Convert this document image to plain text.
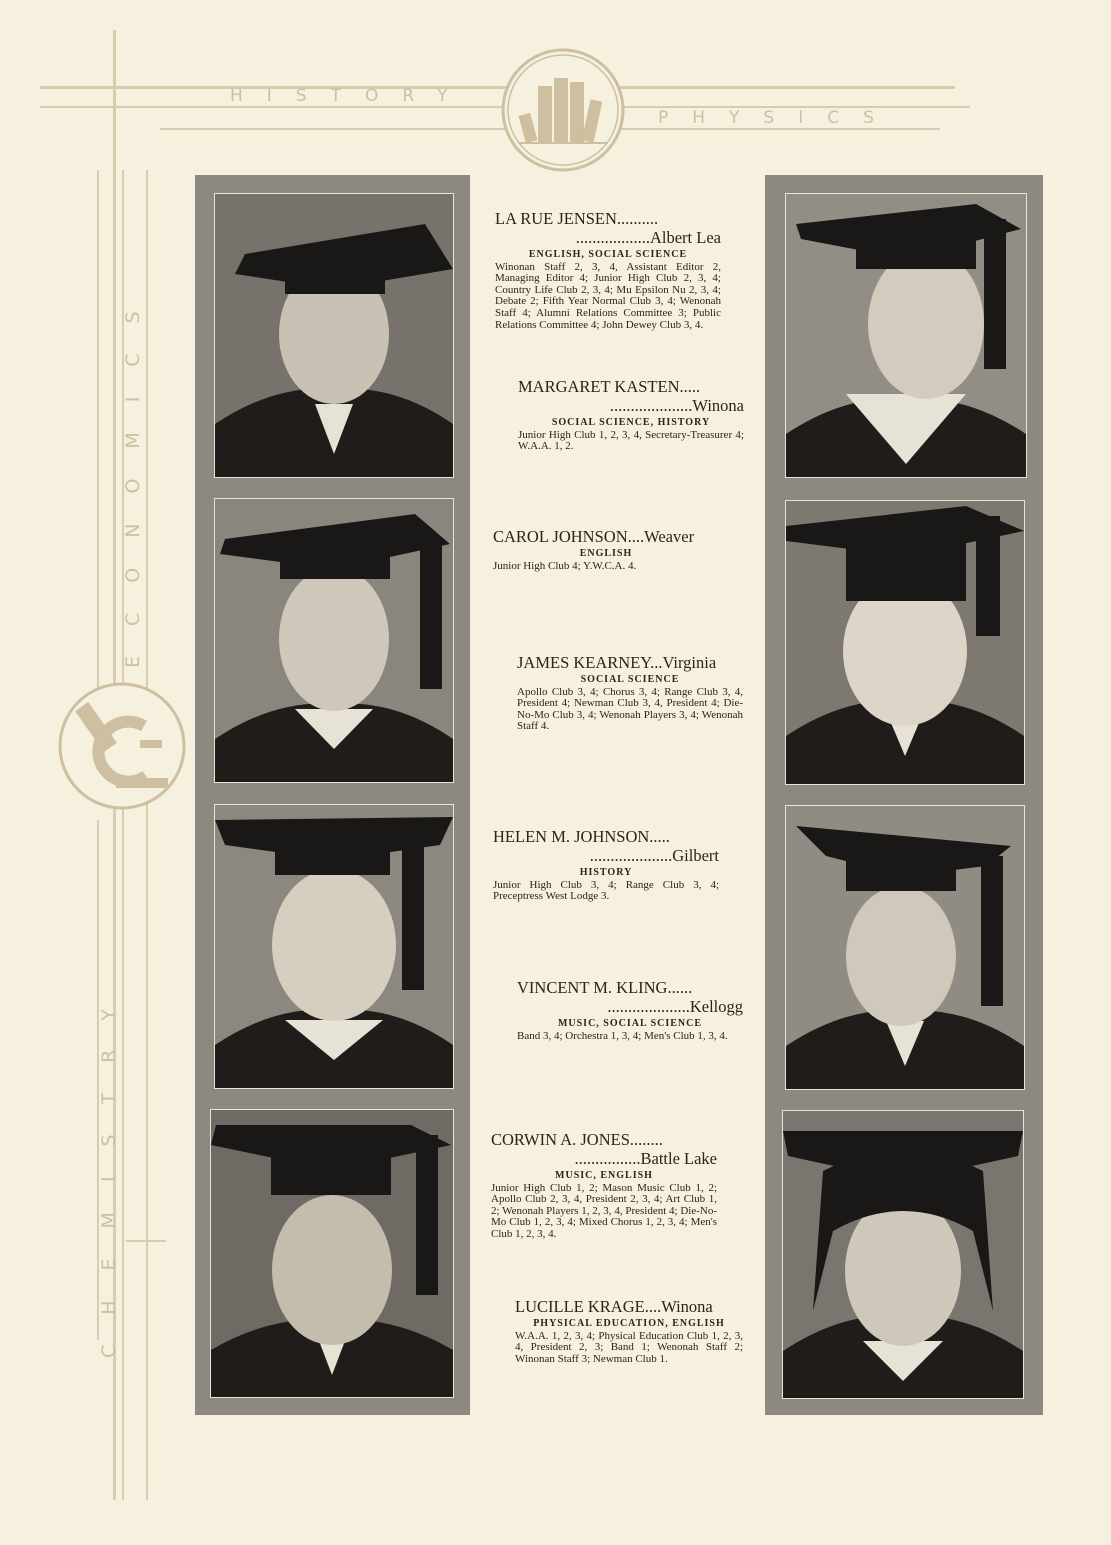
HISTORY
PHYSICS
ECONOMICS
CHEMISTRY
LA RUE JENSEN..........
..................Albert Lea
ENGLISH, SOCIAL SCIENCE
Winonan Staff 2, 3, 4, Assistant Editor 2, Managing Editor 4; Junior High Club 2, 3, 4; Country Life Club 2, 3, 4; Mu Epsilon Nu 2, 3, 4; Debate 2; Fifth Year Normal Club 3, 4; Wenonah Staff 4; Alumni Relations Committee 3; Public Relations Committee 4; John Dewey Club 3, 4.
MARGARET KASTEN.....
....................Winona
SOCIAL SCIENCE, HISTORY
Junior High Club 1, 2, 3, 4, Secretary-Treasurer 4; W.A.A. 1, 2.
CAROL JOHNSON....Weaver
ENGLISH
Junior High Club 4; Y.W.C.A. 4.
JAMES KEARNEY...Virginia
SOCIAL SCIENCE
Apollo Club 3, 4; Chorus 3, 4; Range Club 3, 4, President 4; Newman Club 3, 4, President 4; Die-No-Mo Club 3, 4; Wenonah Players 3, 4; Wenonah Staff 4.
HELEN M. JOHNSON.....
....................Gilbert
HISTORY
Junior High Club 3, 4; Range Club 3, 4; Preceptress West Lodge 3.
VINCENT M. KLING......
....................Kellogg
MUSIC, SOCIAL SCIENCE
Band 3, 4; Orchestra 1, 3, 4; Men's Club 1, 3, 4.
CORWIN A. JONES........
................Battle Lake
MUSIC, ENGLISH
Junior High Club 1, 2; Mason Music Club 1, 2; Apollo Club 2, 3, 4, President 2, 3, 4; Art Club 1, 2; Wenonah Players 1, 2, 3, 4, President 4; Die-No-Mo Club 1, 2, 3, 4; Mixed Chorus 1, 2, 3, 4; Men's Club 1, 2, 3, 4.
LUCILLE KRAGE....Winona
PHYSICAL EDUCATION, ENGLISH
W.A.A. 1, 2, 3, 4; Physical Education Club 1, 2, 3, 4, President 2, 3; Band 1; Wenonah Staff 2; Winonan Staff 3; Newman Club 1.
